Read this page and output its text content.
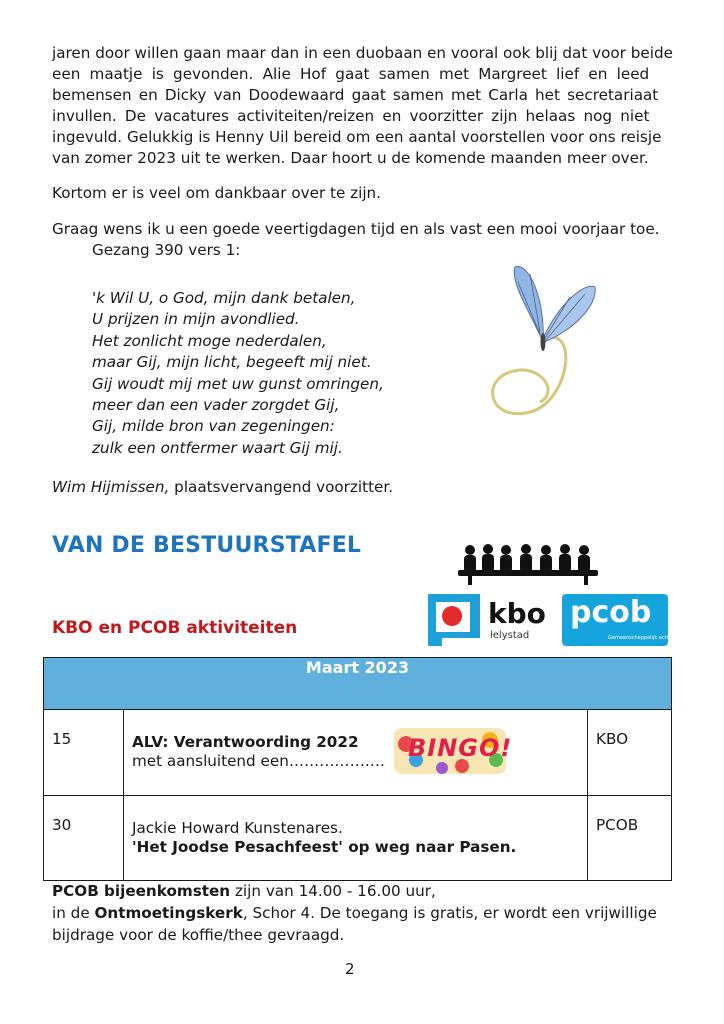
jaren door willen gaan maar dan in een duobaan en vooral ook blij dat voor beide
een maatje is gevonden. Alie Hof gaat samen met Margreet lief en leed
bemensen en Dicky van Doodewaard gaat samen met Carla het secretariaat
invullen. De vacatures activiteiten/reizen en voorzitter zijn helaas nog niet
ingevuld. Gelukkig is Henny Uil bereid om een aantal voorstellen voor ons reisje
van zomer 2023 uit te werken. Daar hoort u de komende maanden meer over.

Kortom er is veel om dankbaar over te zijn.

Graag wens ik u een goede veertigdagen tijd en als vast een mooi voorjaar toe.

Gezang 390 vers 1:

'k Wil U, o God, mijn dank betalen,
U prijzen in mijn avondlied.
Het zonlicht moge nederdalen,
maar Gij, mijn licht, begeeft mij niet.
Gij woudt mij met uw gunst omringen,
meer dan een vader zorgdet Gij,
Gij, milde bron van zegeningen:
zulk een ontfermer waart Gij mij.
Wim Hijmissen, plaatsvervangend voorzitter.
VAN DE BESTUURSTAFEL
KBO en PCOB aktiviteiten	kbo
lelystad
pcob
Gemeenschappelijk actief
Maart 2023		
15	ALV: Verantwoording 2022
met aansluitend een………………. BINGO!	KBO
30	Jackie Howard Kunstenares.
'Het Joodse Pesachfeest' op weg naar Pasen.	PCOB

PCOB bijeenkomsten zijn van 14.00 - 16.00 uur,

in de Ontmoetingskerk, Schor 4. De toegang is gratis, er wordt een vrijwillige

bijdrage voor de koffie/thee gevraagd.

2
